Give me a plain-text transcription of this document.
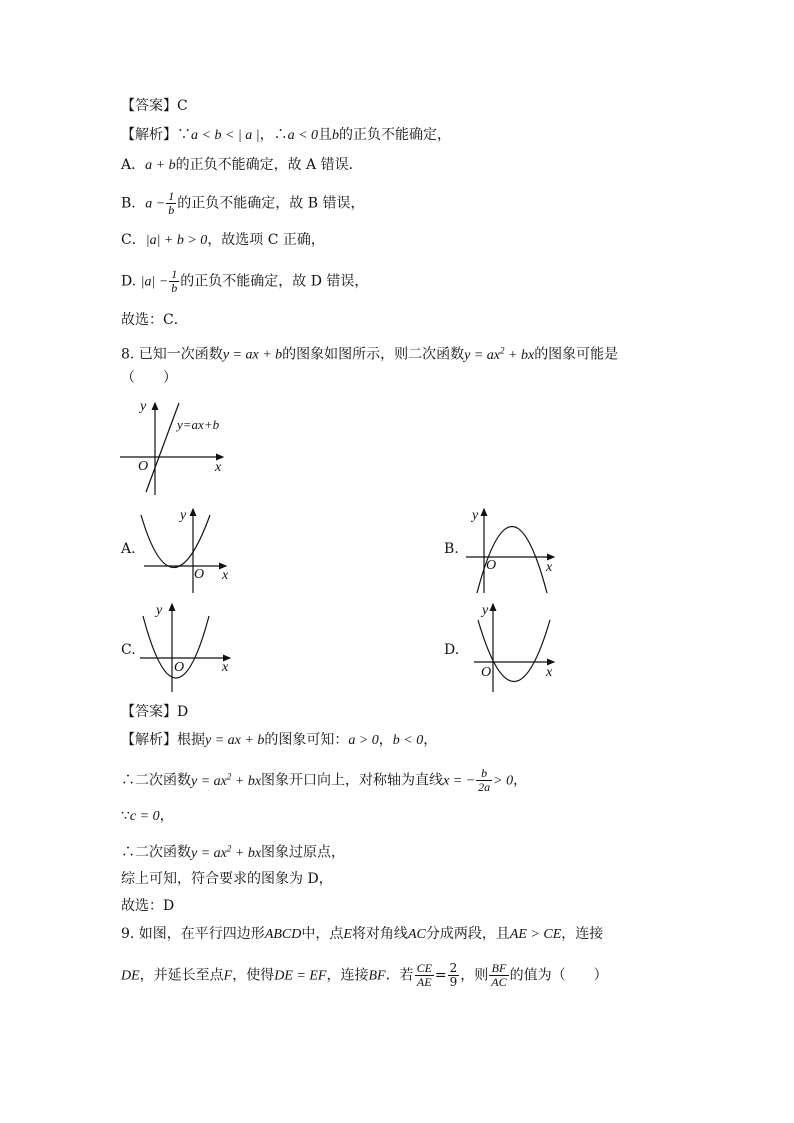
【答案】C
【解析】∵a < b < | a |，∴a < 0且b的正负不能确定，
A．a + b的正负不能确定，故 A 错误．
B．$a - \frac{1}{b}$ 的正负不能确定，故 B 错误，
C．|a| + b > 0，故选项 C 正确，
D. $|a| - \frac{1}{b}$ 的正负不能确定，故 D 错误，
故选：C．
8. 已知一次函数y = ax + b的图象如图所示，则二次函数$y = ax^2$ + bx的图象可能是
（　　）
y
x
O
y=ax+b
A.
y
x
O
B.
y
x
O
C.
y
x
O
D.
y
x
O
【答案】D
【解析】根据y = ax + b的图象可知：a > 0，b < 0，
∴二次函数$y = ax^2$ + bx图象开口向上，对称轴为直线x = − $\frac{b}{2a} > 0$，
∵c = 0，
∴二次函数$y = ax^2$ + bx图象过原点，
综上可知，符合要求的图象为 D，
故选：D
9. 如图，在平行四边形ABCD中，点E将对角线AC分成两段，且AE > CE，连接
DE，并延长至点F，使得DE = EF，连接BF．若 $\frac{CE}{AE} = \frac{2}{9}$ ，则 $\frac{BF}{AC}$ 的值为（　　）
